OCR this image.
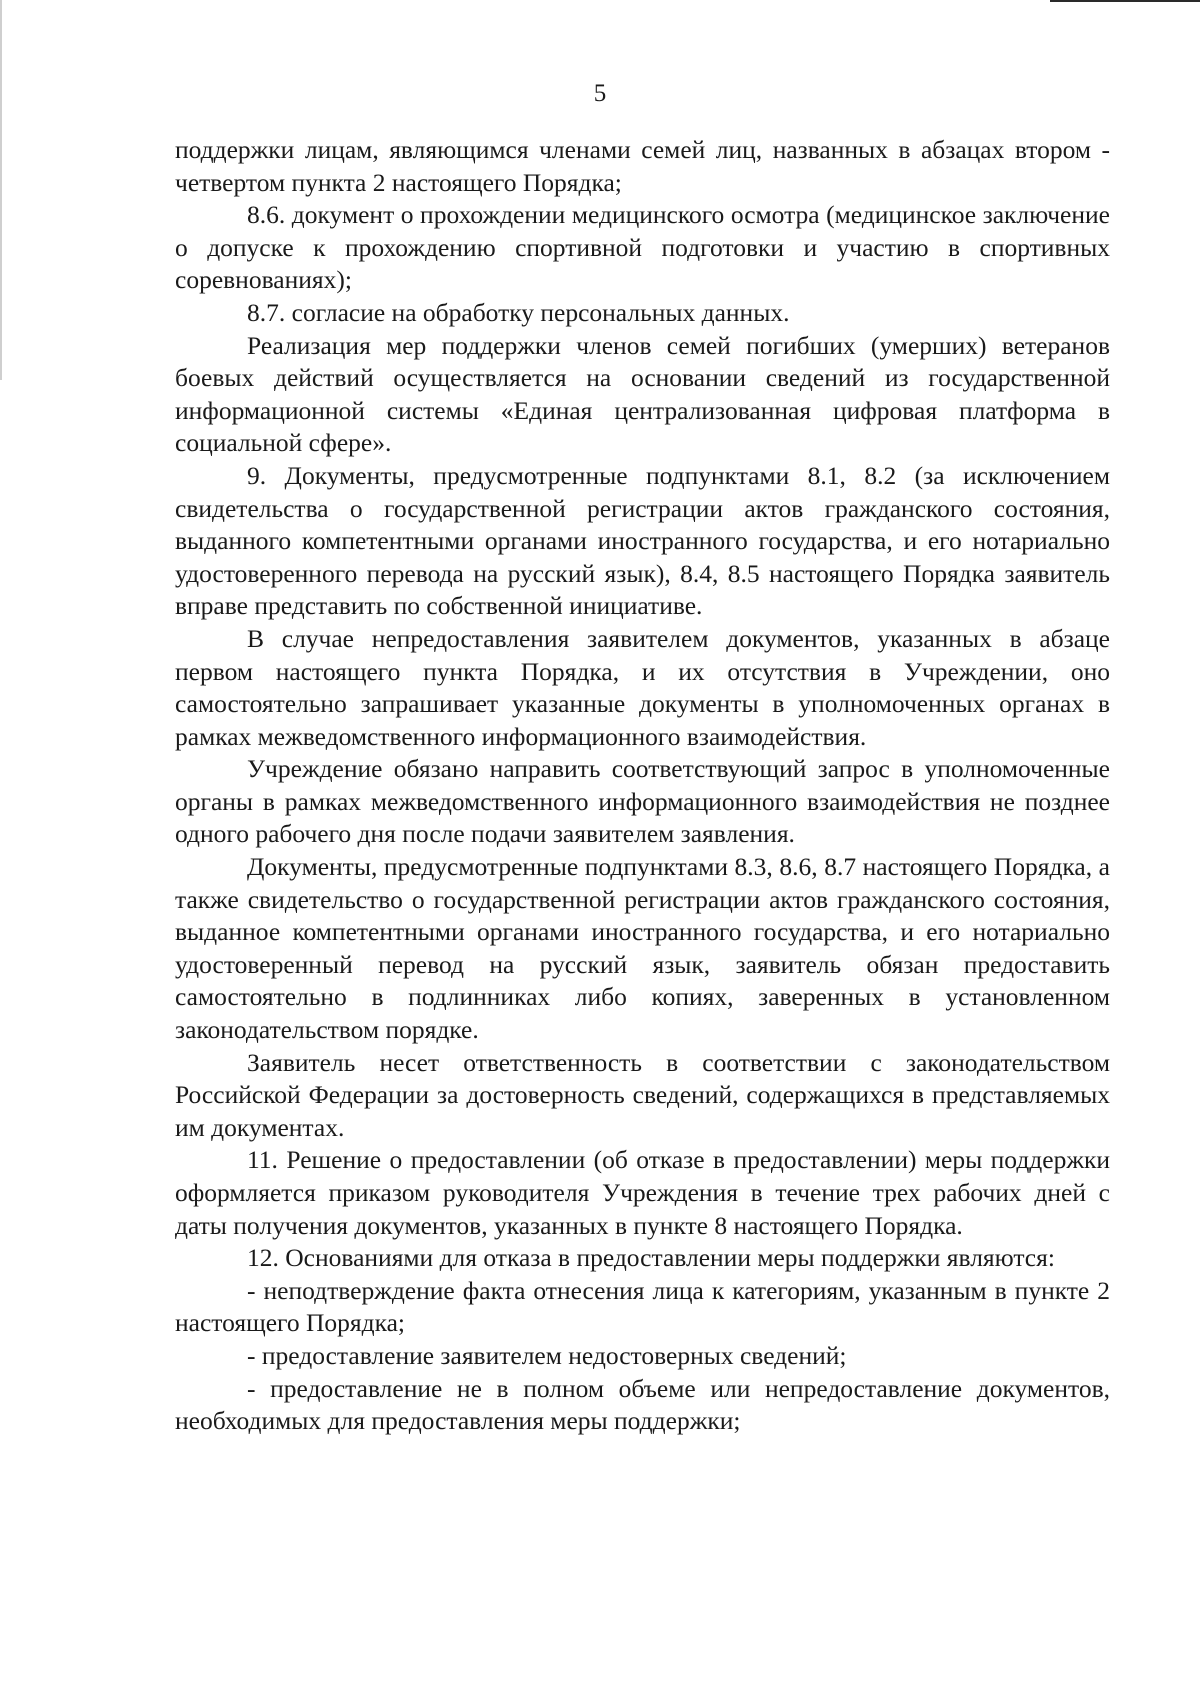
5

поддержки лицам, являющимся членами семей лиц, названных в абзацах втором - четвертом пункта 2 настоящего Порядка;

8.6. документ о прохождении медицинского осмотра (медицинское заключение о допуске к прохождению спортивной подготовки и участию в спортивных соревнованиях);

8.7. согласие на обработку персональных данных.

Реализация мер поддержки членов семей погибших (умерших) ветеранов боевых действий осуществляется на основании сведений из государственной информационной системы «Единая централизованная цифровая платформа в социальной сфере».

9. Документы, предусмотренные подпунктами 8.1, 8.2 (за исключением свидетельства о государственной регистрации актов гражданского состояния, выданного компетентными органами иностранного государства, и его нотариально удостоверенного перевода на русский язык), 8.4, 8.5 настоящего Порядка заявитель вправе представить по собственной инициативе.

В случае непредоставления заявителем документов, указанных в абзаце первом настоящего пункта Порядка, и их отсутствия в Учреждении, оно самостоятельно запрашивает указанные документы в уполномоченных органах в рамках межведомственного информационного взаимодействия.

Учреждение обязано направить соответствующий запрос в уполномоченные органы в рамках межведомственного информационного взаимодействия не позднее одного рабочего дня после подачи заявителем заявления.

Документы, предусмотренные подпунктами 8.3, 8.6, 8.7 настоящего Порядка, а также свидетельство о государственной регистрации актов гражданского состояния, выданное компетентными органами иностранного государства, и его нотариально удостоверенный перевод на русский язык, заявитель обязан предоставить самостоятельно в подлинниках либо копиях, заверенных в установленном законодательством порядке.

Заявитель несет ответственность в соответствии с законодательством Российской Федерации за достоверность сведений, содержащихся в представляемых им документах.

11. Решение о предоставлении (об отказе в предоставлении) меры поддержки оформляется приказом руководителя Учреждения в течение трех рабочих дней с даты получения документов, указанных в пункте 8 настоящего Порядка.

12. Основаниями для отказа в предоставлении меры поддержки являются:

- неподтверждение факта отнесения лица к категориям, указанным в пункте 2 настоящего Порядка;

- предоставление заявителем недостоверных сведений;

- предоставление не в полном объеме или непредоставление документов, необходимых для предоставления меры поддержки;
